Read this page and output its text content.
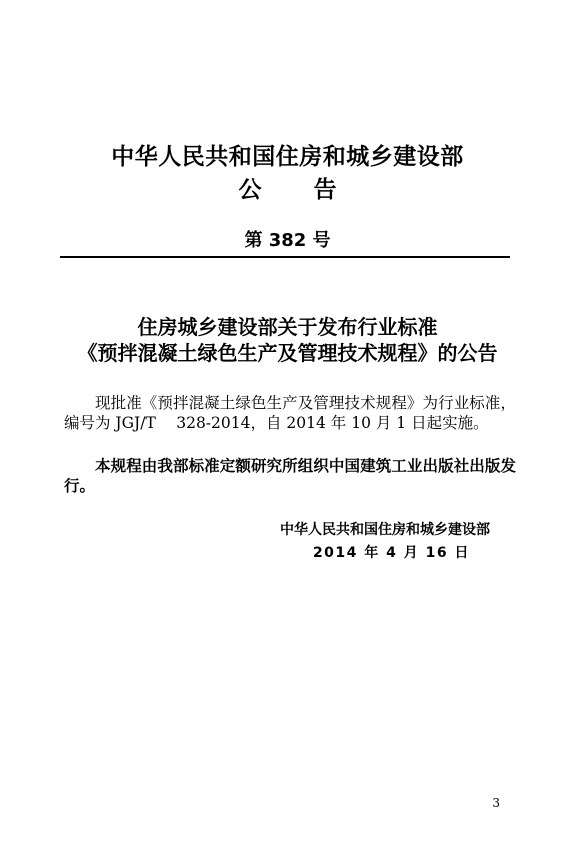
中华人民共和国住房和城乡建设部
公 告
第 382 号
住房城乡建设部关于发布行业标准
《预拌混凝土绿色生产及管理技术规程》的公告
现批准《预拌混凝土绿色生产及管理技术规程》为行业标准，编号为 JGJ/T　 328-2014，自 2014 年 10 月 1 日起实施。
本规程由我部标准定额研究所组织中国建筑工业出版社出版发行。
中华人民共和国住房和城乡建设部
2014 年 4 月 16 日
3
